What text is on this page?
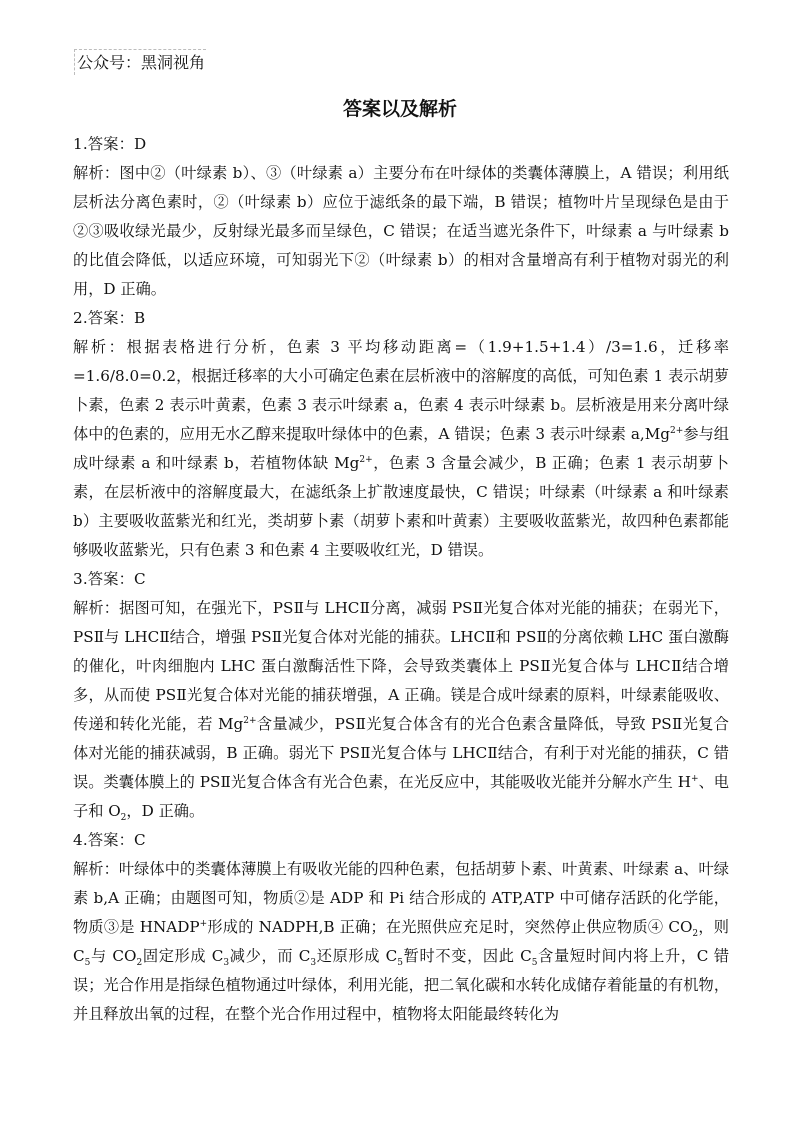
公众号：黑洞视角
答案以及解析

1.答案：D

解析：图中②（叶绿素 b）、③（叶绿素 a）主要分布在叶绿体的类囊体薄膜上，A 错误；利用纸层析法分离色素时，②（叶绿素 b）应位于滤纸条的最下端，B 错误；植物叶片呈现绿色是由于②③吸收绿光最少，反射绿光最多而呈绿色，C 错误；在适当遮光条件下，叶绿素 a 与叶绿素 b 的比值会降低，以适应环境，可知弱光下②（叶绿素 b）的相对含量增高有利于植物对弱光的利用，D 正确。

2.答案：B

解析：根据表格进行分析，色素 3 平均移动距离=（1.9+1.5+1.4）/3=1.6，迁移率=1.6/8.0=0.2，根据迁移率的大小可确定色素在层析液中的溶解度的高低，可知色素 1 表示胡萝卜素，色素 2 表示叶黄素，色素 3 表示叶绿素 a，色素 4 表示叶绿素 b。层析液是用来分离叶绿体中的色素的，应用无水乙醇来提取叶绿体中的色素，A 错误；色素 3 表示叶绿素 $a,Mg^{2+}$参与组成叶绿素 a 和叶绿素 b，若植物体缺 $Mg^{2+}$，色素 3 含量会减少，B 正确；色素 1 表示胡萝卜素，在层析液中的溶解度最大，在滤纸条上扩散速度最快，C 错误；叶绿素（叶绿素 a 和叶绿素 b）主要吸收蓝紫光和红光，类胡萝卜素（胡萝卜素和叶黄素）主要吸收蓝紫光，故四种色素都能够吸收蓝紫光，只有色素 3 和色素 4 主要吸收红光，D 错误。

3.答案：C

解析：据图可知，在强光下，PSⅡ与 LHCⅡ分离，减弱 PSⅡ光复合体对光能的捕获；在弱光下，PSⅡ与 LHCⅡ结合，增强 PSⅡ光复合体对光能的捕获。LHCⅡ和 PSⅡ的分离依赖 LHC 蛋白激酶的催化，叶肉细胞内 LHC 蛋白激酶活性下降，会导致类囊体上 PSⅡ光复合体与 LHCⅡ结合增多，从而使 PSⅡ光复合体对光能的捕获增强，A 正确。镁是合成叶绿素的原料，叶绿素能吸收、传递和转化光能，若 $Mg^{2+}$含量减少，PSⅡ光复合体含有的光合色素含量降低，导致 PSⅡ光复合体对光能的捕获减弱，B 正确。弱光下 PSⅡ光复合体与 LHCⅡ结合，有利于对光能的捕获，C 错误。类囊体膜上的 PSⅡ光复合体含有光合色素，在光反应中，其能吸收光能并分解水产生 H+、电子和 $O_2$，D 正确。

4.答案：C

解析：叶绿体中的类囊体薄膜上有吸收光能的四种色素，包括胡萝卜素、叶黄素、叶绿素 a、叶绿素 b,A 正确；由题图可知，物质②是 ADP 和 Pi 结合形成的 ATP,ATP 中可储存活跃的化学能，物质③是 HNADP+形成的 NADPH,B 正确；在光照供应充足时，突然停止供应物质④ $CO_2$，则 $C_5$与 $CO_2$固定形成 $C_3$减少，而 $C_3$还原形成 $C_5$暂时不变，因此 $C_5$含量短时间内将上升，C 错误；光合作用是指绿色植物通过叶绿体，利用光能，把二氧化碳和水转化成储存着能量的有机物，并且释放出氧的过程，在整个光合作用过程中，植物将太阳能最终转化为
